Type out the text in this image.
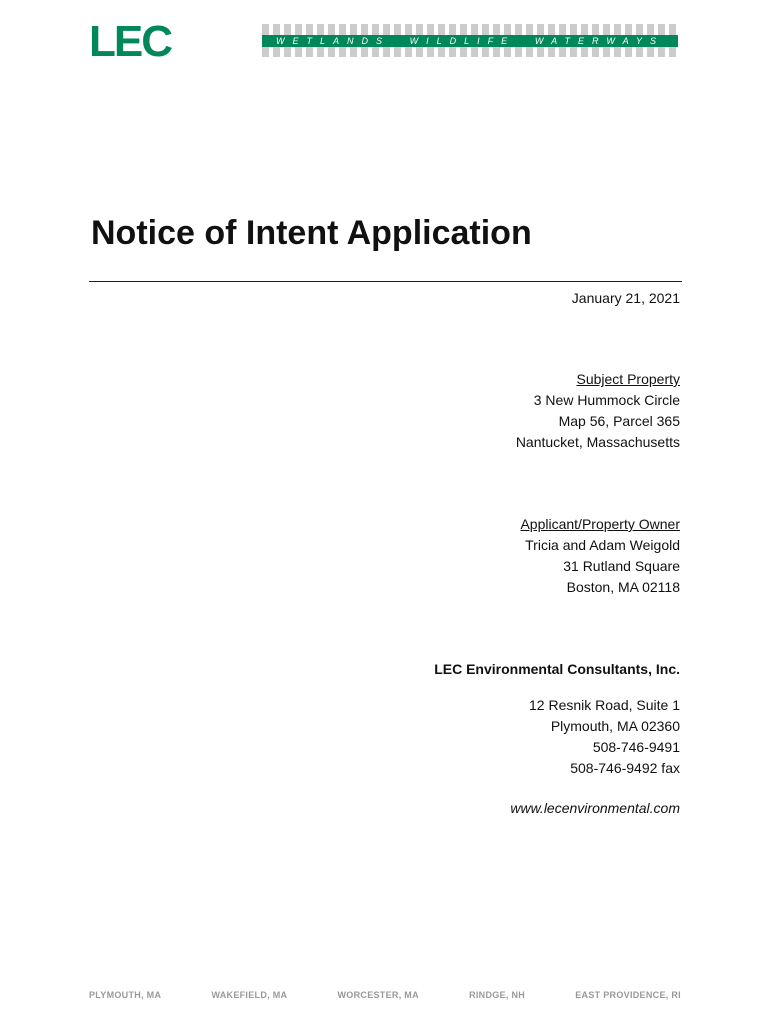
LEC	WETLANDS WILDLIFE WATERWAYS
Notice of Intent Application
January 21, 2021
Subject Property
3 New Hummock Circle
Map 56, Parcel 365
Nantucket, Massachusetts
Applicant/Property Owner
Tricia and Adam Weigold
31 Rutland Square
Boston, MA 02118
LEC Environmental Consultants, Inc.
12 Resnik Road, Suite 1
Plymouth, MA 02360
508-746-9491
508-746-9492 fax
www.lecenvironmental.com
PLYMOUTH, MA	WAKEFIELD, MA	WORCESTER, MA	RINDGE, NH	EAST PROVIDENCE, RI
